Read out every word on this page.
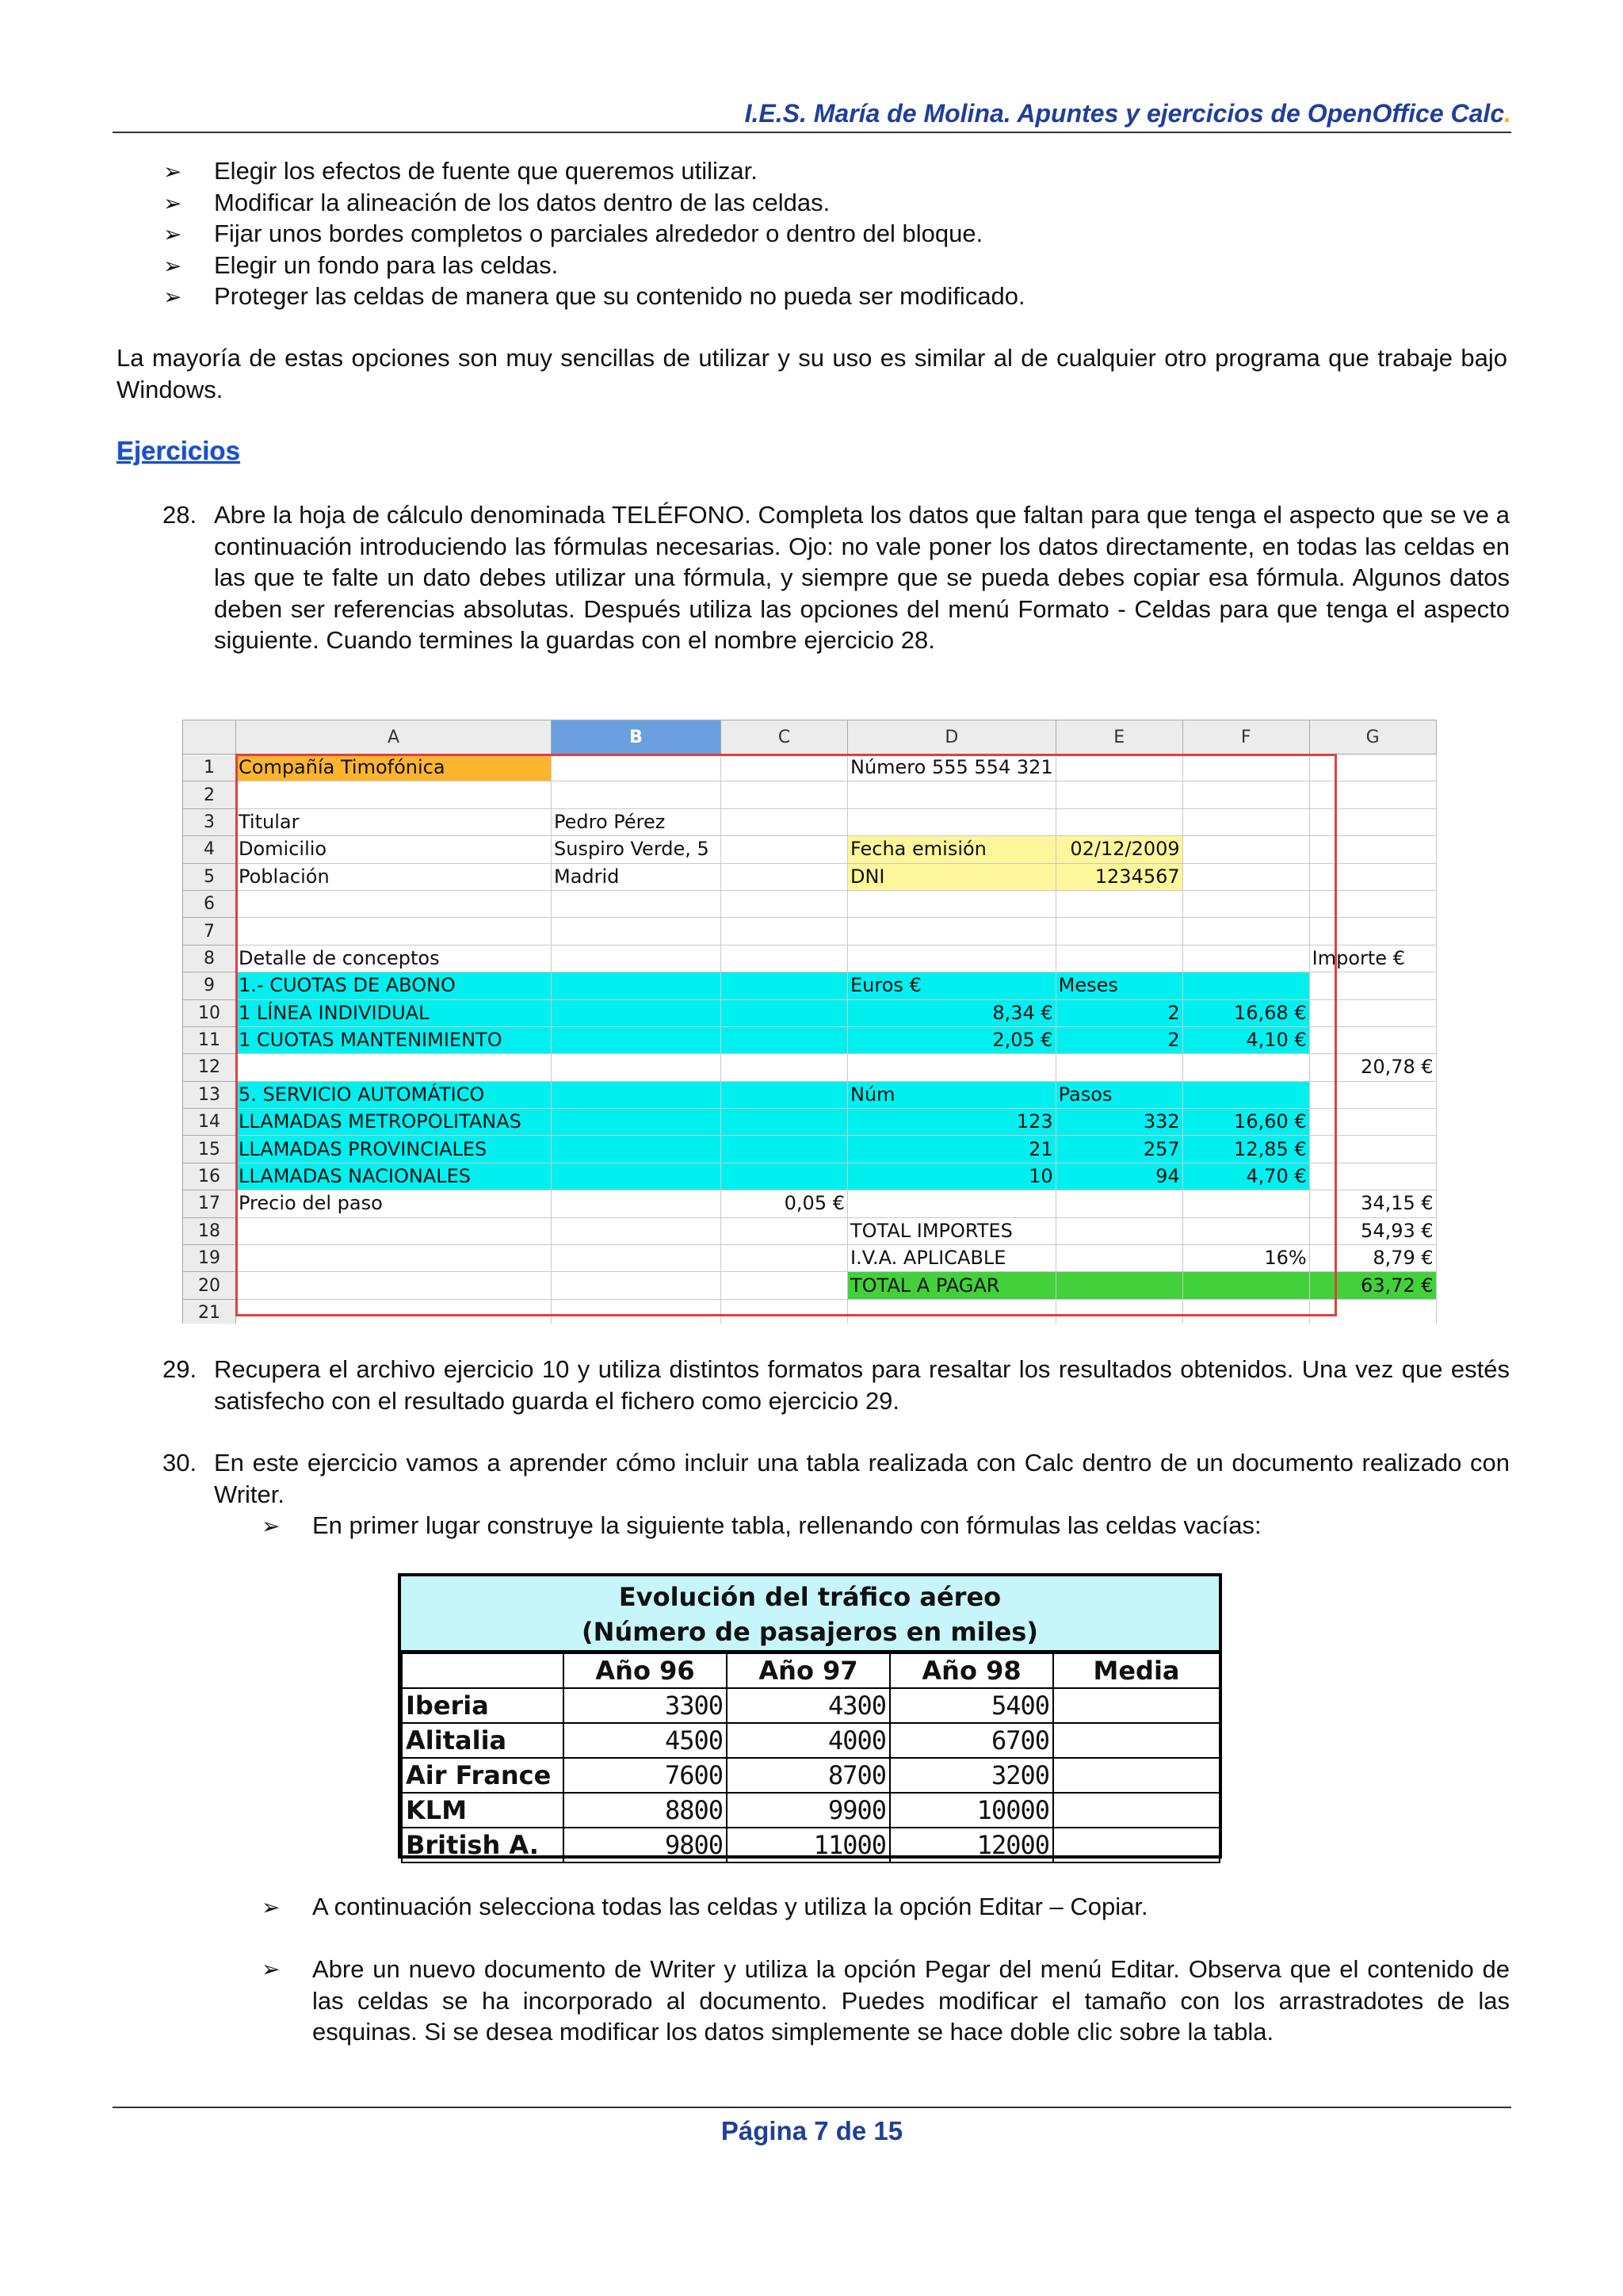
I.E.S. María de Molina. Apuntes y ejercicios de OpenOffice Calc.
➢	Elegir los efectos de fuente que queremos utilizar.
➢	Modificar la alineación de los datos dentro de las celdas.
➢	Fijar unos bordes completos o parciales alrededor o dentro del bloque.
➢	Elegir un fondo para las celdas.
➢	Proteger las celdas de manera que su contenido no pueda ser modificado.

La mayoría de estas opciones son muy sencillas de utilizar y su uso es similar al de cualquier otro programa que trabaje bajo Windows.

Ejercicios
28. Abre la hoja de cálculo denominada TELÉFONO. Completa los datos que faltan para que tenga el aspecto que se ve a continuación introduciendo las fórmulas necesarias. Ojo: no vale poner los datos directamente, en todas las celdas en las que te falte un dato debes utilizar una fórmula, y siempre que se pueda debes copiar esa fórmula. Algunos datos deben ser referencias absolutas. Después utiliza las opciones del menú Formato - Celdas para que tenga el aspecto siguiente. Cuando termines la guardas con el nombre ejercicio 28.

	A	B	C	D	E	F	G
1	Compañía Timofónica			Número 555 554 321			
2							
3	Titular	Pedro Pérez					
4	Domicilio	Suspiro Verde, 5		Fecha emisión	02/12/2009		
5	Población	Madrid		DNI	1234567		
6							
7							
8	Detalle de conceptos						Importe €
9	1.- CUOTAS DE ABONO			Euros €	Meses		
10	1 LÍNEA INDIVIDUAL			8,34 €	2	16,68 €	
11	1 CUOTAS MANTENIMIENTO			2,05 €	2	4,10 €	
12							20,78 €
13	5. SERVICIO AUTOMÁTICO			Núm	Pasos		
14	LLAMADAS METROPOLITANAS			123	332	16,60 €	
15	LLAMADAS PROVINCIALES			21	257	12,85 €	
16	LLAMADAS NACIONALES			10	94	4,70 €	
17	Precio del paso		0,05 €				34,15 €
18				TOTAL IMPORTES			54,93 €
19				I.V.A. APLICABLE		16%	8,79 €
20				TOTAL A PAGAR			63,72 €
21							
29. Recupera el archivo ejercicio 10 y utiliza distintos formatos para resaltar los resultados obtenidos. Una vez que estés satisfecho con el resultado guarda el fichero como ejercicio 29.

30. En este ejercicio vamos a aprender cómo incluir una tabla realizada con Calc dentro de un documento realizado con Writer.

➢	En primer lugar construye la siguiente tabla, rellenando con fórmulas las celdas vacías:
Evolución del tráfico aéreo
(Número de pasajeros en miles)
	Año 96	Año 97	Año 98	Media
Iberia	3300	4300	5400	
Alitalia	4500	4000	6700	
Air France	7600	8700	3200	
KLM	8800	9900	10000	
British A.	9800	11000	12000	
➢	A continuación selecciona todas las celdas y utiliza la opción Editar – Copiar.
➢	Abre un nuevo documento de Writer y utiliza la opción Pegar del menú Editar. Observa que el contenido de las celdas se ha incorporado al documento. Puedes modificar el tamaño con los arrastradotes de las esquinas. Si se desea modificar los datos simplemente se hace doble clic sobre la tabla.

Página 7 de 15
